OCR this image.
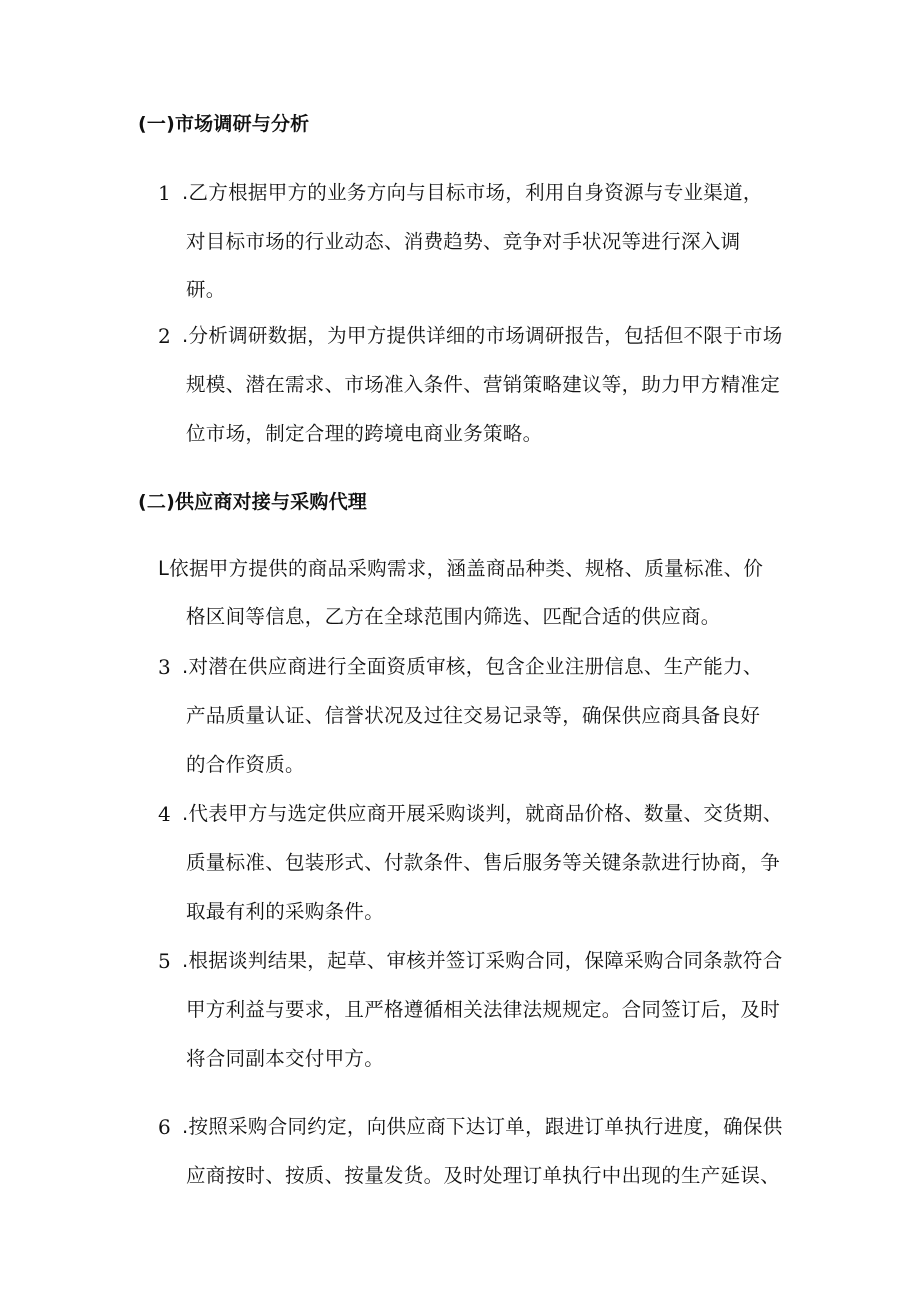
(一)市场调研与分析
1 .乙方根据甲方的业务方向与目标市场，利用自身资源与专业渠道，
对目标市场的行业动态、消费趋势、竞争对手状况等进行深入调
研。
2 .分析调研数据，为甲方提供详细的市场调研报告，包括但不限于市场
规模、潜在需求、市场准入条件、营销策略建议等，助力甲方精准定
位市场，制定合理的跨境电商业务策略。
(二)供应商对接与采购代理
L依据甲方提供的商品采购需求，涵盖商品种类、规格、质量标准、价
格区间等信息，乙方在全球范围内筛选、匹配合适的供应商。
3 .对潜在供应商进行全面资质审核，包含企业注册信息、生产能力、
产品质量认证、信誉状况及过往交易记录等，确保供应商具备良好
的合作资质。
4 .代表甲方与选定供应商开展采购谈判，就商品价格、数量、交货期、
质量标准、包装形式、付款条件、售后服务等关键条款进行协商，争
取最有利的采购条件。
5 .根据谈判结果，起草、审核并签订采购合同，保障采购合同条款符合
甲方利益与要求，且严格遵循相关法律法规规定。合同签订后，及时
将合同副本交付甲方。
6 .按照采购合同约定，向供应商下达订单，跟进订单执行进度，确保供
应商按时、按质、按量发货。及时处理订单执行中出现的生产延误、
